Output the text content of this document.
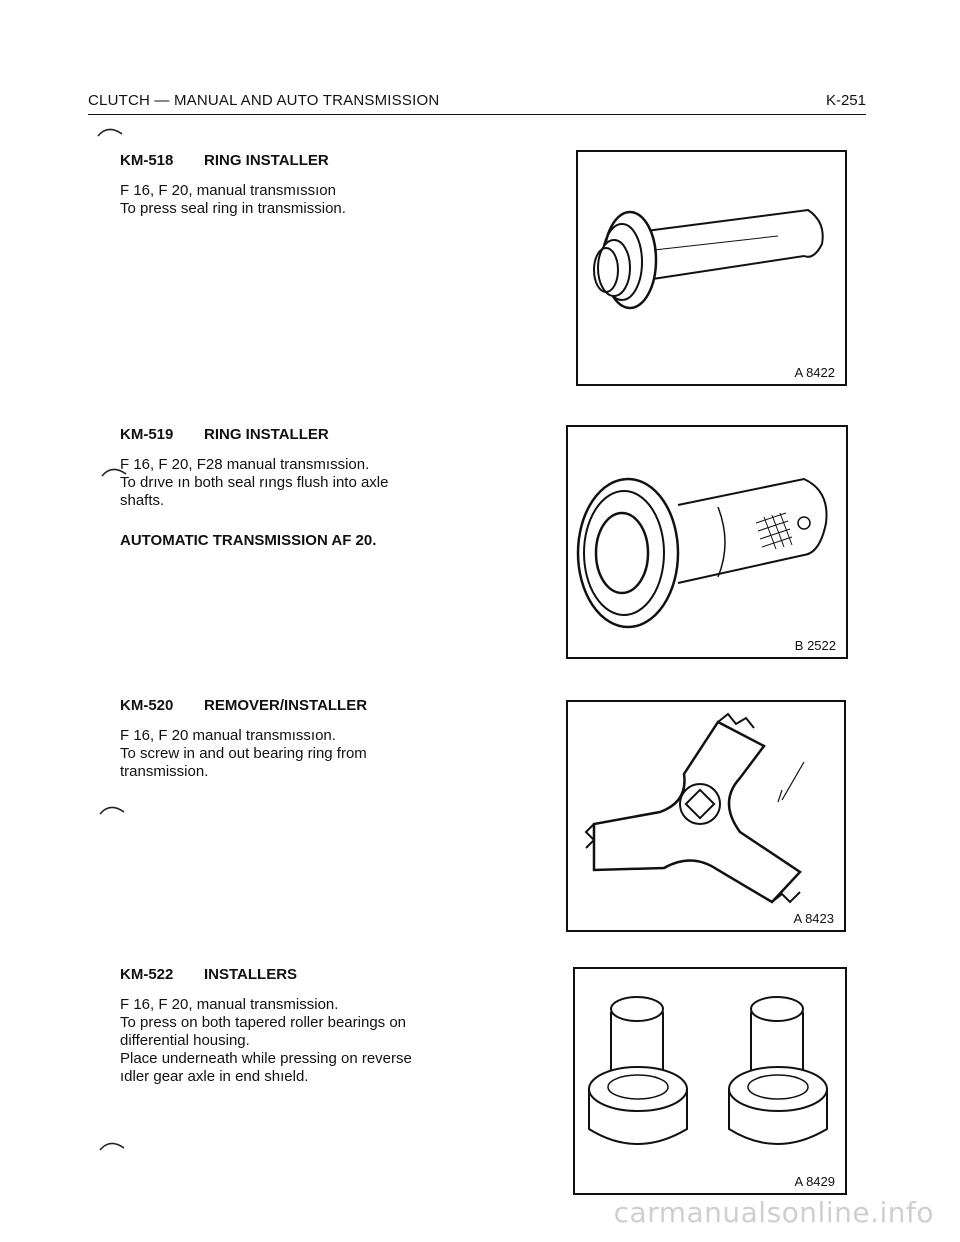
CLUTCH — MANUAL AND AUTO TRANSMISSION	K-251
KM-518 RING INSTALLER
F 16, F 20, manual transmıssıon
To press seal ring in transmission.
A 8422
KM-519 RING INSTALLER
F 16, F 20, F28 manual transmıssion.
To drıve ın both seal rıngs flush into axle
shafts.
AUTOMATIC TRANSMISSION AF 20.
B 2522
KM-520 REMOVER/INSTALLER
F 16, F 20 manual transmıssıon.
To screw in and out bearing ring from
transmission.
A 8423
KM-522 INSTALLERS
F 16, F 20, manual transmission.
To press on both tapered roller bearings on
differential housing.
Place underneath while pressing on reverse
ıdler gear axle in end shıeld.
A 8429
carmanualsonline.info
